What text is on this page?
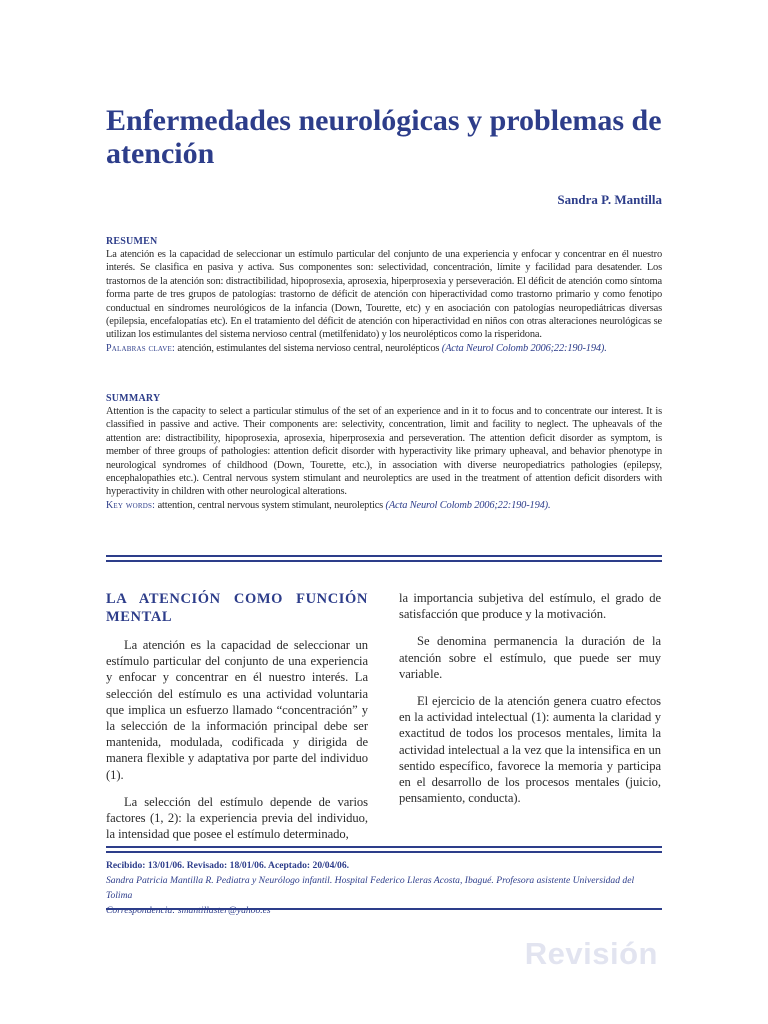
Enfermedades neurológicas y problemas de atención
Sandra P. Mantilla
RESUMEN
La atención es la capacidad de seleccionar un estímulo particular del conjunto de una experiencia y enfocar y concentrar en él nuestro interés. Se clasifica en pasiva y activa. Sus componentes son: selectividad, concentración, límite y facilidad para desatender. Los trastornos de la atención son: distractibilidad, hipoprosexia, aprosexia, hiperprosexia y perseveración. El déficit de atención como síntoma forma parte de tres grupos de patologías: trastorno de déficit de atención con hiperactividad como trastorno primario y como fenotipo conductual en síndromes neurológicos de la infancia (Down, Tourette, etc) y en asociación con patologías neuropediátricas diversas (epilepsia, encefalopatías etc). En el tratamiento del déficit de atención con hiperactividad en niños con otras alteraciones neurológicas se utilizan los estimulantes del sistema nervioso central (metilfenidato) y los neurolépticos como la risperidona.
Palabras clave: atención, estimulantes del sistema nervioso central, neurolépticos (Acta Neurol Colomb 2006;22:190-194).
SUMMARY
Attention is the capacity to select a particular stimulus of the set of an experience and in it to focus and to concentrate our interest. It is classified in passive and active. Their components are: selectivity, concentration, limit and facility to neglect. The upheavals of the attention are: distractibility, hipoprosexia, aprosexia, hiperprosexia and perseveration. The attention deficit disorder as symptom, is member of three groups of pathologies: attention deficit disorder with hyperactivity like primary upheaval, and behavior phenotype in neurological syndromes of childhood (Down, Tourette, etc.), in association with diverse neuropediatrics pathologies (epilepsy, encephalopathies etc.). Central nervous system stimulant and neuroleptics are used in the treatment of attention deficit disorders with hyperactivity in children with other neurological alterations.
Key words: attention, central nervous system stimulant, neuroleptics (Acta Neurol Colomb 2006;22:190-194).

LA ATENCIÓN COMO FUNCIÓN MENTAL

La atención es la capacidad de seleccionar un estímulo particular del conjunto de una experiencia y enfocar y concentrar en él nuestro interés. La selección del estímulo es una actividad voluntaria que implica un esfuerzo llamado “concentración” y la selección de la información principal debe ser mantenida, modulada, codificada y dirigida de manera flexible y adaptativa por parte del individuo (1).

La selección del estímulo depende de varios factores (1, 2): la experiencia previa del individuo, la intensidad que posee el estímulo determinado,

la importancia subjetiva del estímulo, el grado de satisfacción que produce y la motivación.

Se denomina permanencia la duración de la atención sobre el estímulo, que puede ser muy variable.

El ejercicio de la atención genera cuatro efectos en la actividad intelectual (1): aumenta la claridad y exactitud de todos los procesos mentales, limita la actividad intelectual a la vez que la intensifica en un sentido específico, favorece la memoria y participa en el desarrollo de los procesos mentales (juicio, pensamiento, conducta).

Recibido: 13/01/06. Revisado: 18/01/06. Aceptado: 20/04/06.
Sandra Patricia Mantilla R. Pediatra y Neurólogo infantil. Hospital Federico Lleras Acosta, Ibagué. Profesora asistente Universidad del Tolima
Correspondencia: smantillaster@yahoo.es
Revisión
